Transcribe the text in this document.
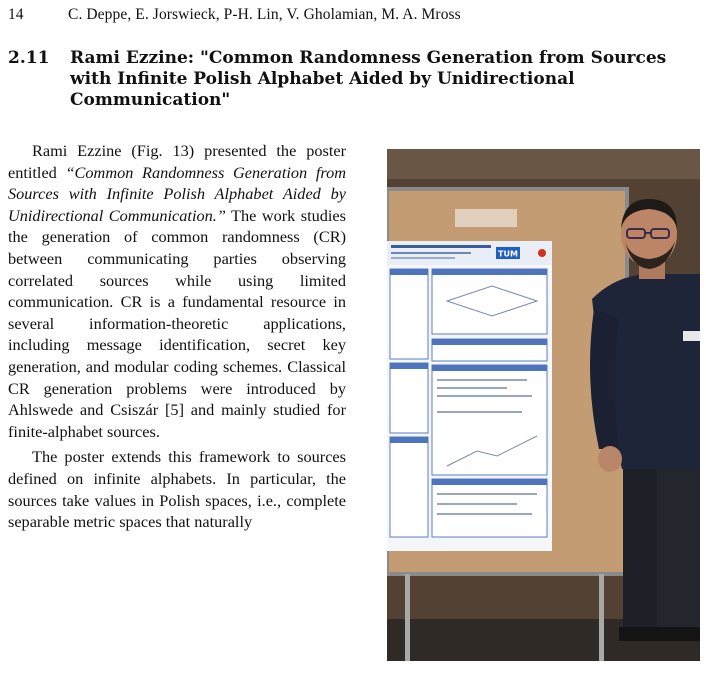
14	C. Deppe, E. Jorswieck, P-H. Lin, V. Gholamian, M. A. Mross
2.11	Rami Ezzine: "Common Randomness Generation from Sources with Infinite Polish Alphabet Aided by Unidirectional Communication"

Rami Ezzine (Fig. 13) presented the poster entitled “Common Randomness Generation from Sources with Infinite Polish Alphabet Aided by Unidirectional Communication.” The work studies the generation of common randomness (CR) between communicating parties observing correlated sources while using limited communication. CR is a fundamental resource in several information-theoretic applications, including message identification, secret key generation, and modular coding schemes. Classical CR generation problems were introduced by Ahlswede and Csiszár [5] and mainly studied for finite-alphabet sources.

The poster extends this framework to sources defined on infinite alphabets. In particular, the sources take values in Polish spaces, i.e., complete separable metric spaces that naturally

TUM
